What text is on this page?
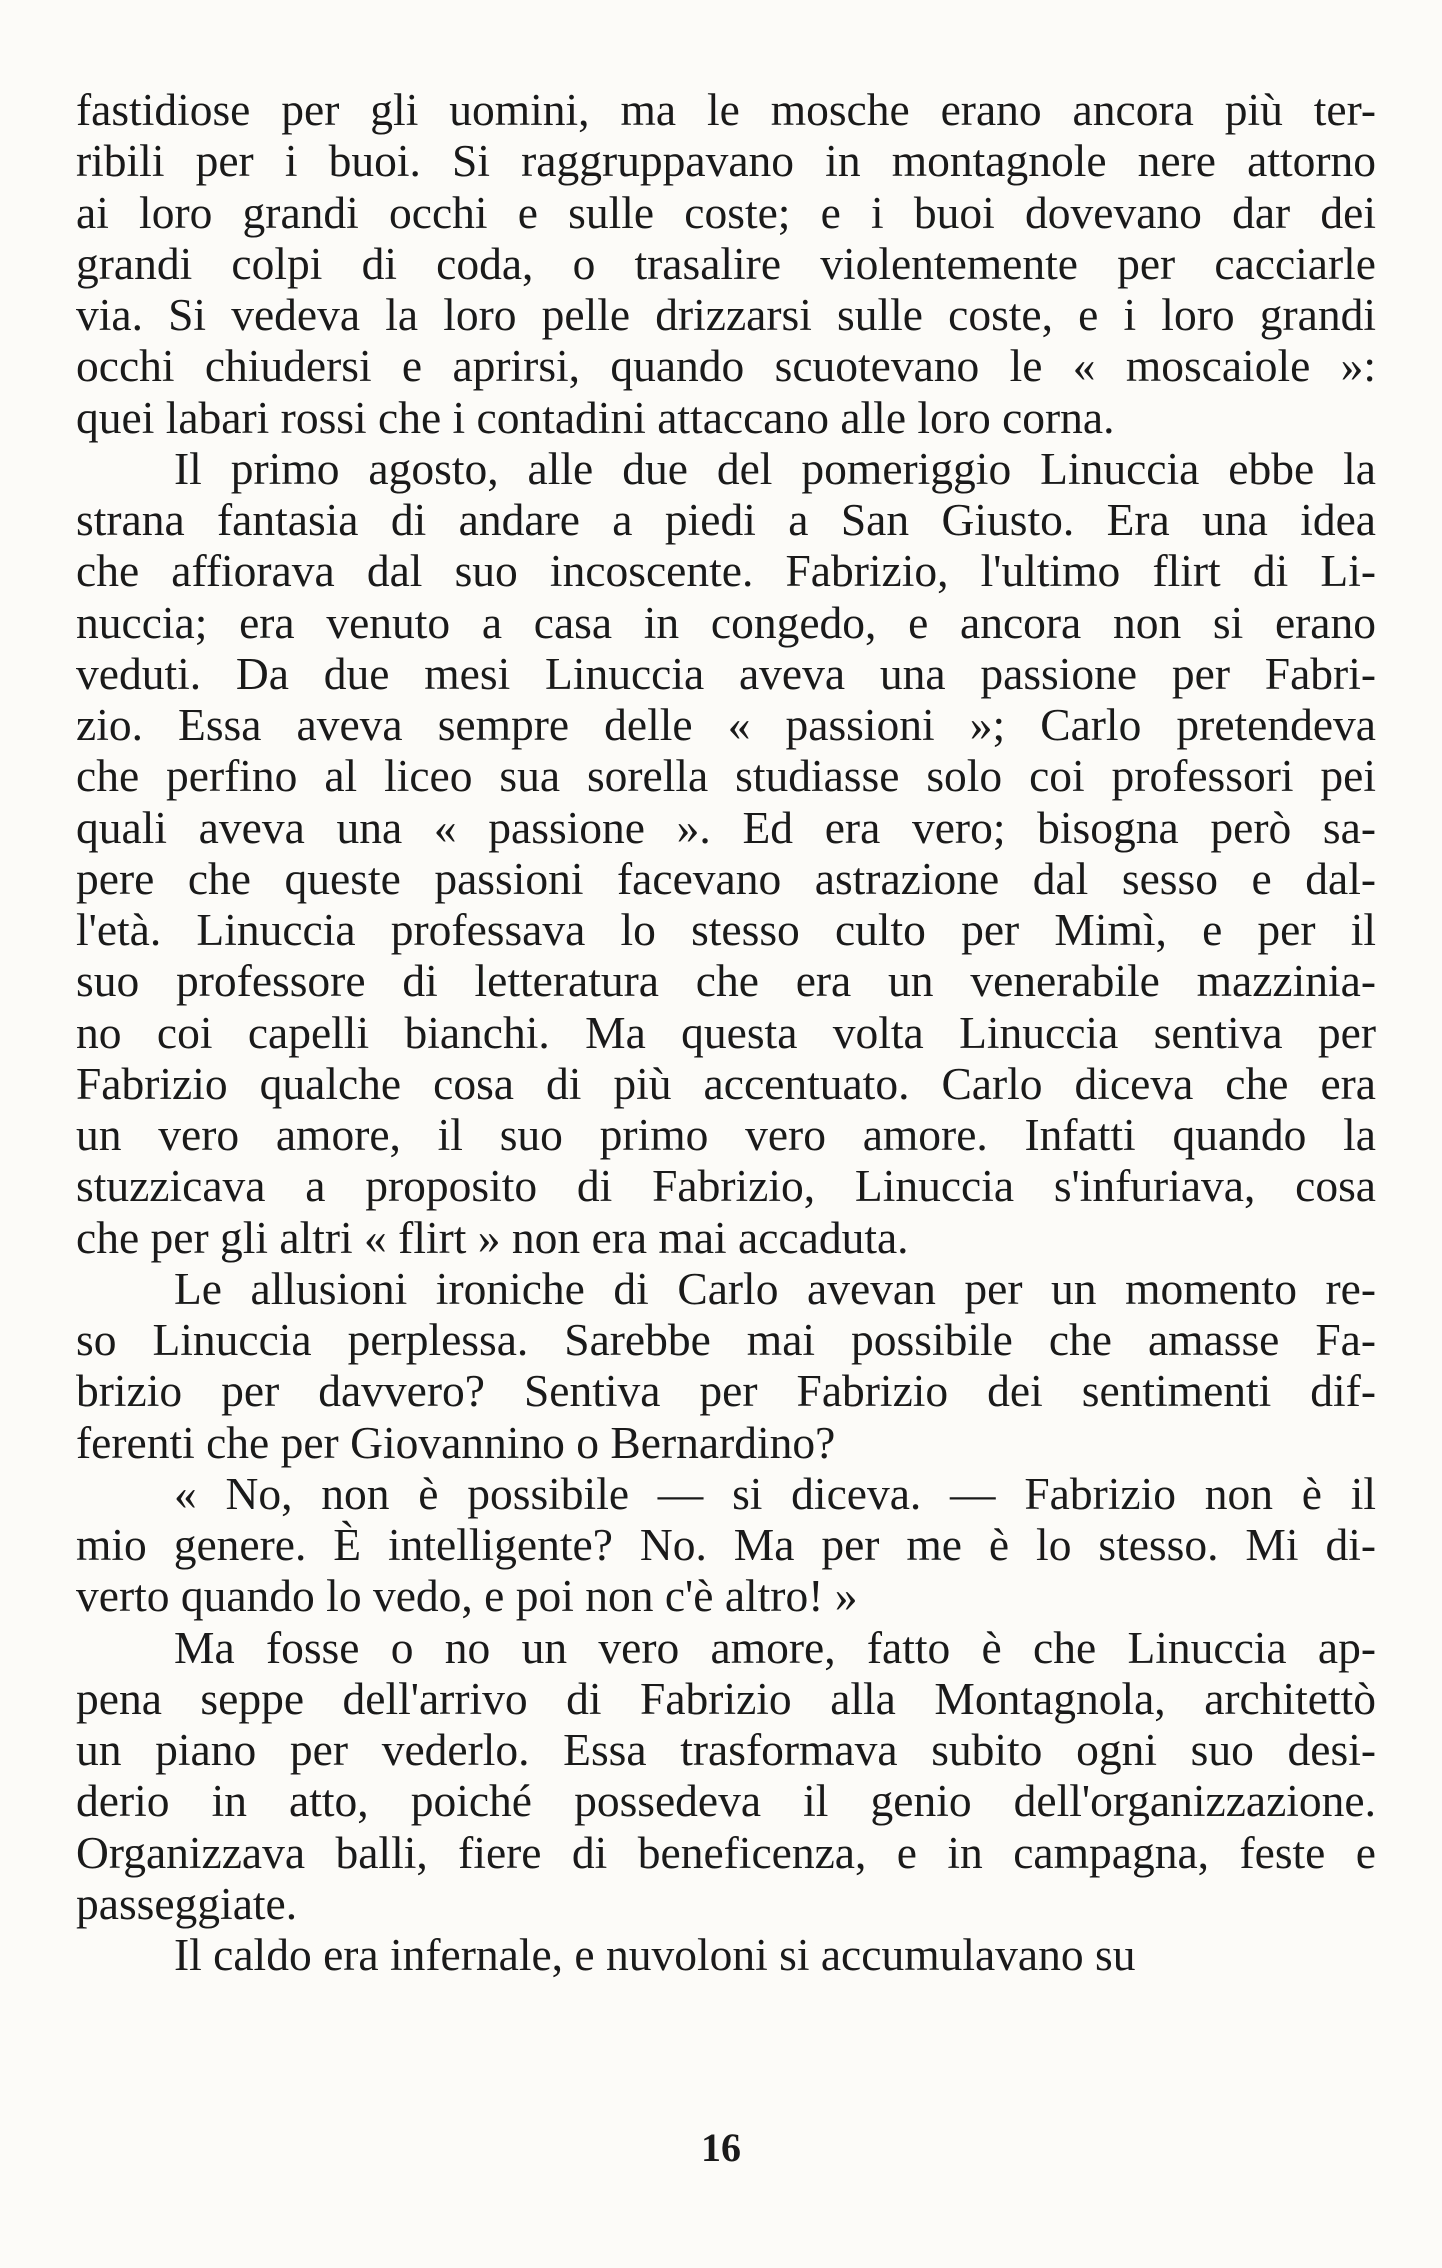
fastidiose per gli uomini, ma le mosche erano ancora più ter-
ribili per i buoi. Si raggruppavano in montagnole nere attorno
ai loro grandi occhi e sulle coste; e i buoi dovevano dar dei
grandi colpi di coda, o trasalire violentemente per cacciarle
via. Si vedeva la loro pelle drizzarsi sulle coste, e i loro grandi
occhi chiudersi e aprirsi, quando scuotevano le « moscaiole »:
quei labari rossi che i contadini attaccano alle loro corna.
Il primo agosto, alle due del pomeriggio Linuccia ebbe la
strana fantasia di andare a piedi a San Giusto. Era una idea
che affiorava dal suo incoscente. Fabrizio, l'ultimo flirt di Li-
nuccia; era venuto a casa in congedo, e ancora non si erano
veduti. Da due mesi Linuccia aveva una passione per Fabri-
zio. Essa aveva sempre delle « passioni »; Carlo pretendeva
che perfino al liceo sua sorella studiasse solo coi professori pei
quali aveva una « passione ». Ed era vero; bisogna però sa-
pere che queste passioni facevano astrazione dal sesso e dal-
l'età. Linuccia professava lo stesso culto per Mimì, e per il
suo professore di letteratura che era un venerabile mazzinia-
no coi capelli bianchi. Ma questa volta Linuccia sentiva per
Fabrizio qualche cosa di più accentuato. Carlo diceva che era
un vero amore, il suo primo vero amore. Infatti quando la
stuzzicava a proposito di Fabrizio, Linuccia s'infuriava, cosa
che per gli altri « flirt » non era mai accaduta.
Le allusioni ironiche di Carlo avevan per un momento re-
so Linuccia perplessa. Sarebbe mai possibile che amasse Fa-
brizio per davvero? Sentiva per Fabrizio dei sentimenti dif-
ferenti che per Giovannino o Bernardino?
« No, non è possibile — si diceva. — Fabrizio non è il
mio genere. È intelligente? No. Ma per me è lo stesso. Mi di-
verto quando lo vedo, e poi non c'è altro! »
Ma fosse o no un vero amore, fatto è che Linuccia ap-
pena seppe dell'arrivo di Fabrizio alla Montagnola, architettò
un piano per vederlo. Essa trasformava subito ogni suo desi-
derio in atto, poiché possedeva il genio dell'organizzazione.
Organizzava balli, fiere di beneficenza, e in campagna, feste e
passeggiate.
Il caldo era infernale, e nuvoloni si accumulavano su
16
